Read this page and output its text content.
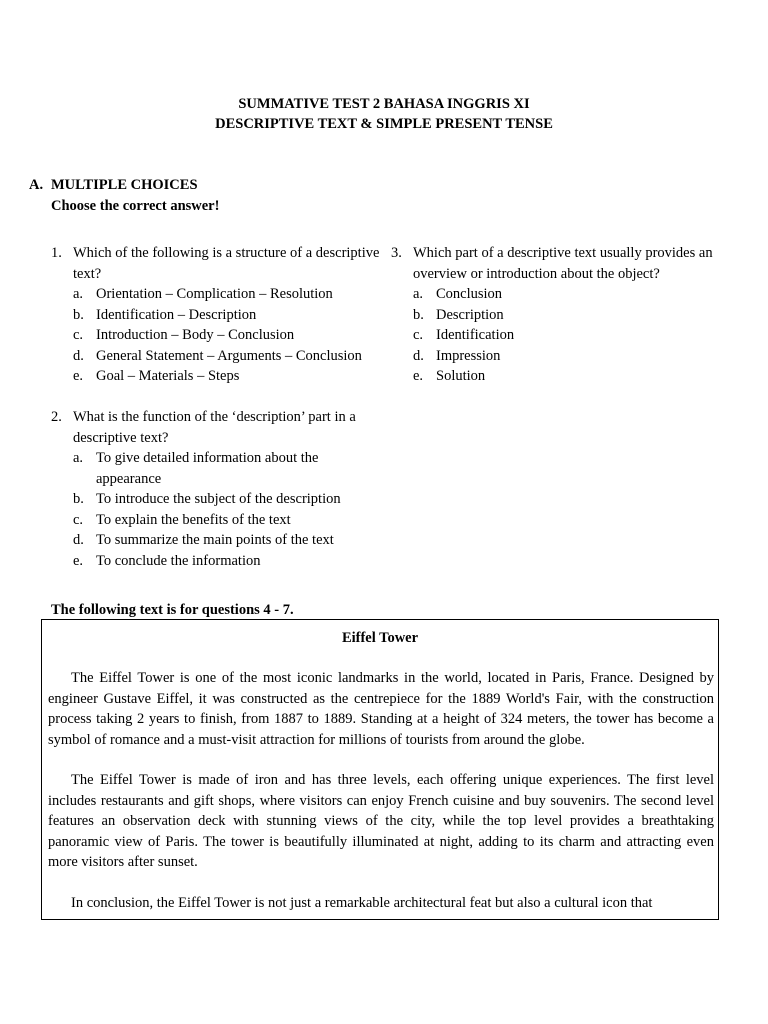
SUMMATIVE TEST 2 BAHASA INGGRIS XI
DESCRIPTIVE TEXT & SIMPLE PRESENT TENSE
A. MULTIPLE CHOICES
Choose the correct answer!
1. Which of the following is a structure of a descriptive text?
a. Orientation – Complication – Resolution
b. Identification – Description
c. Introduction – Body – Conclusion
d. General Statement – Arguments – Conclusion
e. Goal – Materials – Steps
2. What is the function of the ‘description’ part in a descriptive text?
a. To give detailed information about the appearance
b. To introduce the subject of the description
c. To explain the benefits of the text
d. To summarize the main points of the text
e. To conclude the information
3. Which part of a descriptive text usually provides an overview or introduction about the object?
a. Conclusion
b. Description
c. Identification
d. Impression
e. Solution
The following text is for questions 4 - 7.
Eiffel Tower

The Eiffel Tower is one of the most iconic landmarks in the world, located in Paris, France. Designed by engineer Gustave Eiffel, it was constructed as the centrepiece for the 1889 World's Fair, with the construction process taking 2 years to finish, from 1887 to 1889. Standing at a height of 324 meters, the tower has become a symbol of romance and a must-visit attraction for millions of tourists from around the globe.

The Eiffel Tower is made of iron and has three levels, each offering unique experiences. The first level includes restaurants and gift shops, where visitors can enjoy French cuisine and buy souvenirs. The second level features an observation deck with stunning views of the city, while the top level provides a breathtaking panoramic view of Paris. The tower is beautifully illuminated at night, adding to its charm and attracting even more visitors after sunset.

In conclusion, the Eiffel Tower is not just a remarkable architectural feat but also a cultural icon that
